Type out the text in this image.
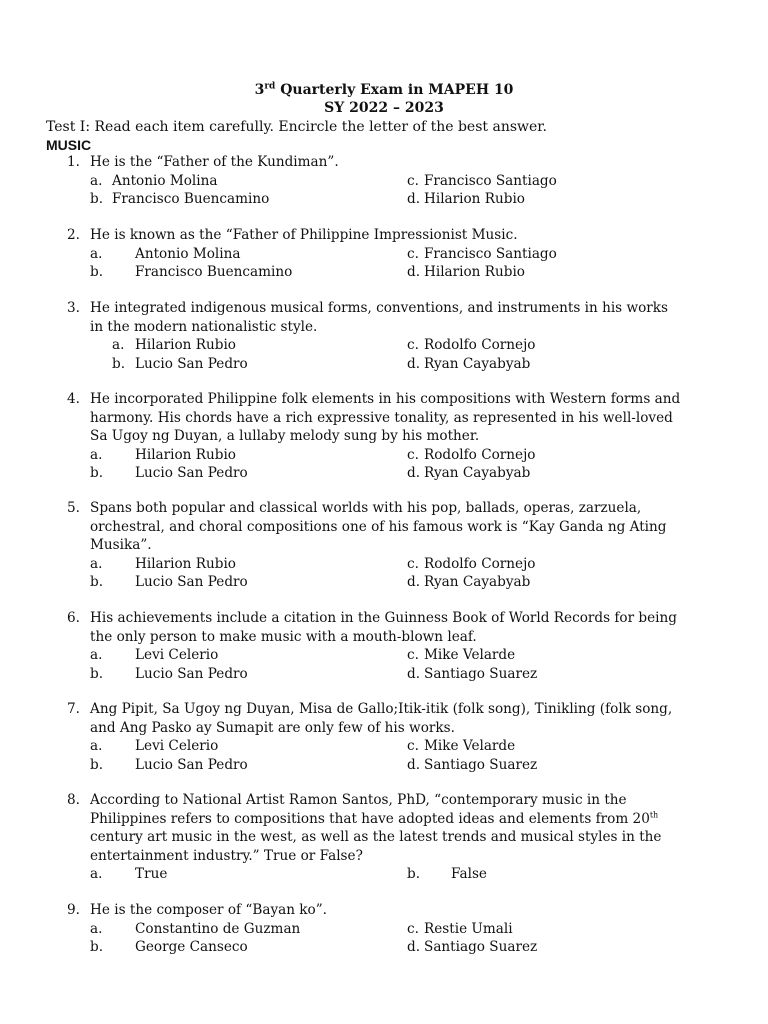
3rd Quarterly Exam in MAPEH 10
SY 2022 – 2023
Test I: Read each item carefully. Encircle the letter of the best answer.
MUSIC
1. He is the “Father of the Kundiman”.
a. Antonio Molina	c. Francisco Santiago
b. Francisco Buencamino	d. Hilarion Rubio
2. He is known as the “Father of Philippine Impressionist Music.
a. Antonio Molina	c. Francisco Santiago
b. Francisco Buencamino	d. Hilarion Rubio
3. He integrated indigenous musical forms, conventions, and instruments in his works
in the modern nationalistic style.
a. Hilarion Rubio	c. Rodolfo Cornejo
b. Lucio San Pedro	d. Ryan Cayabyab
4. He incorporated Philippine folk elements in his compositions with Western forms and
harmony. His chords have a rich expressive tonality, as represented in his well-loved
Sa Ugoy ng Duyan, a lullaby melody sung by his mother.
a. Hilarion Rubio	c. Rodolfo Cornejo
b. Lucio San Pedro	d. Ryan Cayabyab
5. Spans both popular and classical worlds with his pop, ballads, operas, zarzuela,
orchestral, and choral compositions one of his famous work is “Kay Ganda ng Ating
Musika”.
a. Hilarion Rubio	c. Rodolfo Cornejo
b. Lucio San Pedro	d. Ryan Cayabyab
6. His achievements include a citation in the Guinness Book of World Records for being
the only person to make music with a mouth-blown leaf.
a. Levi Celerio	c. Mike Velarde
b. Lucio San Pedro	d. Santiago Suarez
7. Ang Pipit, Sa Ugoy ng Duyan, Misa de Gallo;Itik-itik (folk song), Tinikling (folk song,
and Ang Pasko ay Sumapit are only few of his works.
a. Levi Celerio	c. Mike Velarde
b. Lucio San Pedro	d. Santiago Suarez
8. According to National Artist Ramon Santos, PhD, “contemporary music in the
Philippines refers to compositions that have adopted ideas and elements from 20th
century art music in the west, as well as the latest trends and musical styles in the
entertainment industry.” True or False?
a. True	b. False
9. He is the composer of “Bayan ko”.
a. Constantino de Guzman	c. Restie Umali
b. George Canseco	d. Santiago Suarez
